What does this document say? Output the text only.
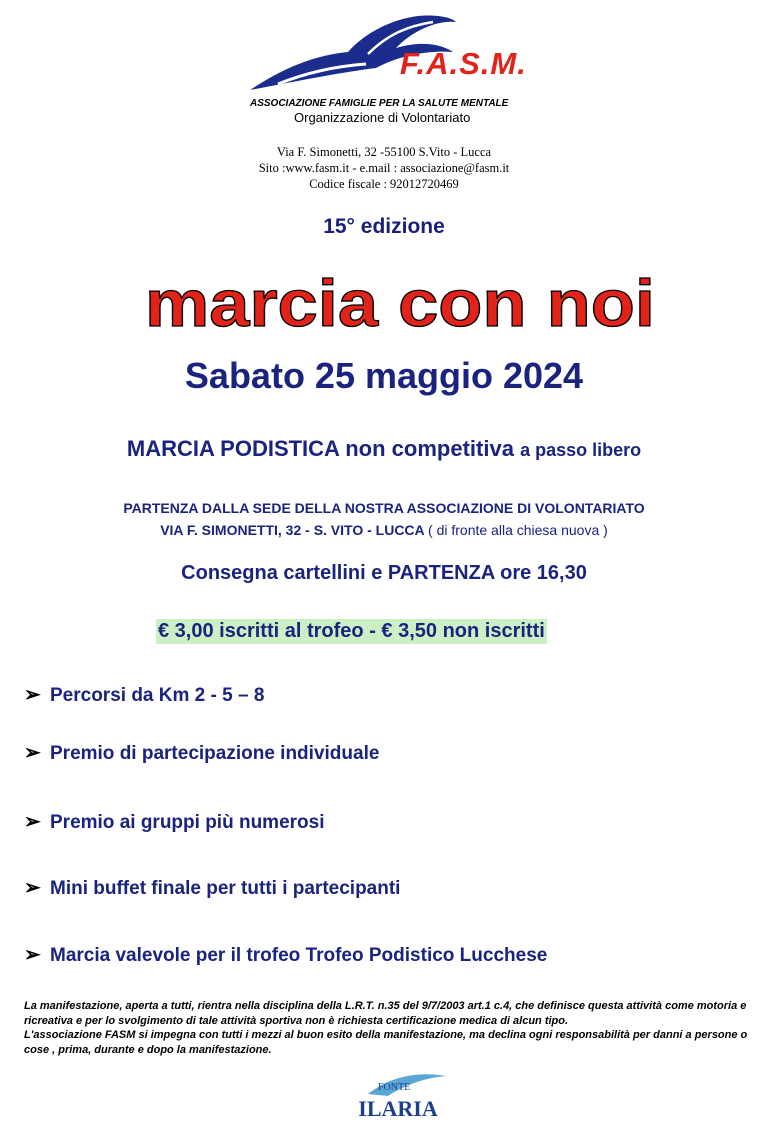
F.A.S.M.
ASSOCIAZIONE FAMIGLIE PER LA SALUTE MENTALE
Organizzazione di Volontariato
Via F. Simonetti, 32 -55100 S.Vito - Lucca
Sito :www.fasm.it - e.mail : associazione@fasm.it
Codice fiscale : 92012720469
15° edizione
marcia con noi
Sabato 25 maggio 2024
MARCIA PODISTICA non competitiva a passo libero
PARTENZA DALLA SEDE DELLA NOSTRA ASSOCIAZIONE DI VOLONTARIATO
VIA F. SIMONETTI, 32 - S. VITO - LUCCA ( di fronte alla chiesa nuova )
Consegna cartellini e PARTENZA ore 16,30
€ 3,00 iscritti al trofeo - € 3,50 non iscritti
➢ Percorsi da Km 2 - 5 – 8
➢ Premio di partecipazione individuale
➢ Premio ai gruppi più numerosi
➢ Mini buffet finale per tutti i partecipanti
➢ Marcia valevole per il trofeo Trofeo Podistico Lucchese
La manifestazione, aperta a tutti, rientra nella disciplina della L.R.T. n.35 del 9/7/2003 art.1 c.4, che definisce questa attività come motoria e ricreativa e per lo svolgimento di tale attività sportiva non è richiesta certificazione medica di alcun tipo.
L'associazione FASM si impegna con tutti i mezzi al buon esito della manifestazione, ma declina ogni responsabilità per danni a persone o cose , prima, durante e dopo la manifestazione.
FONTE
ILARIA
